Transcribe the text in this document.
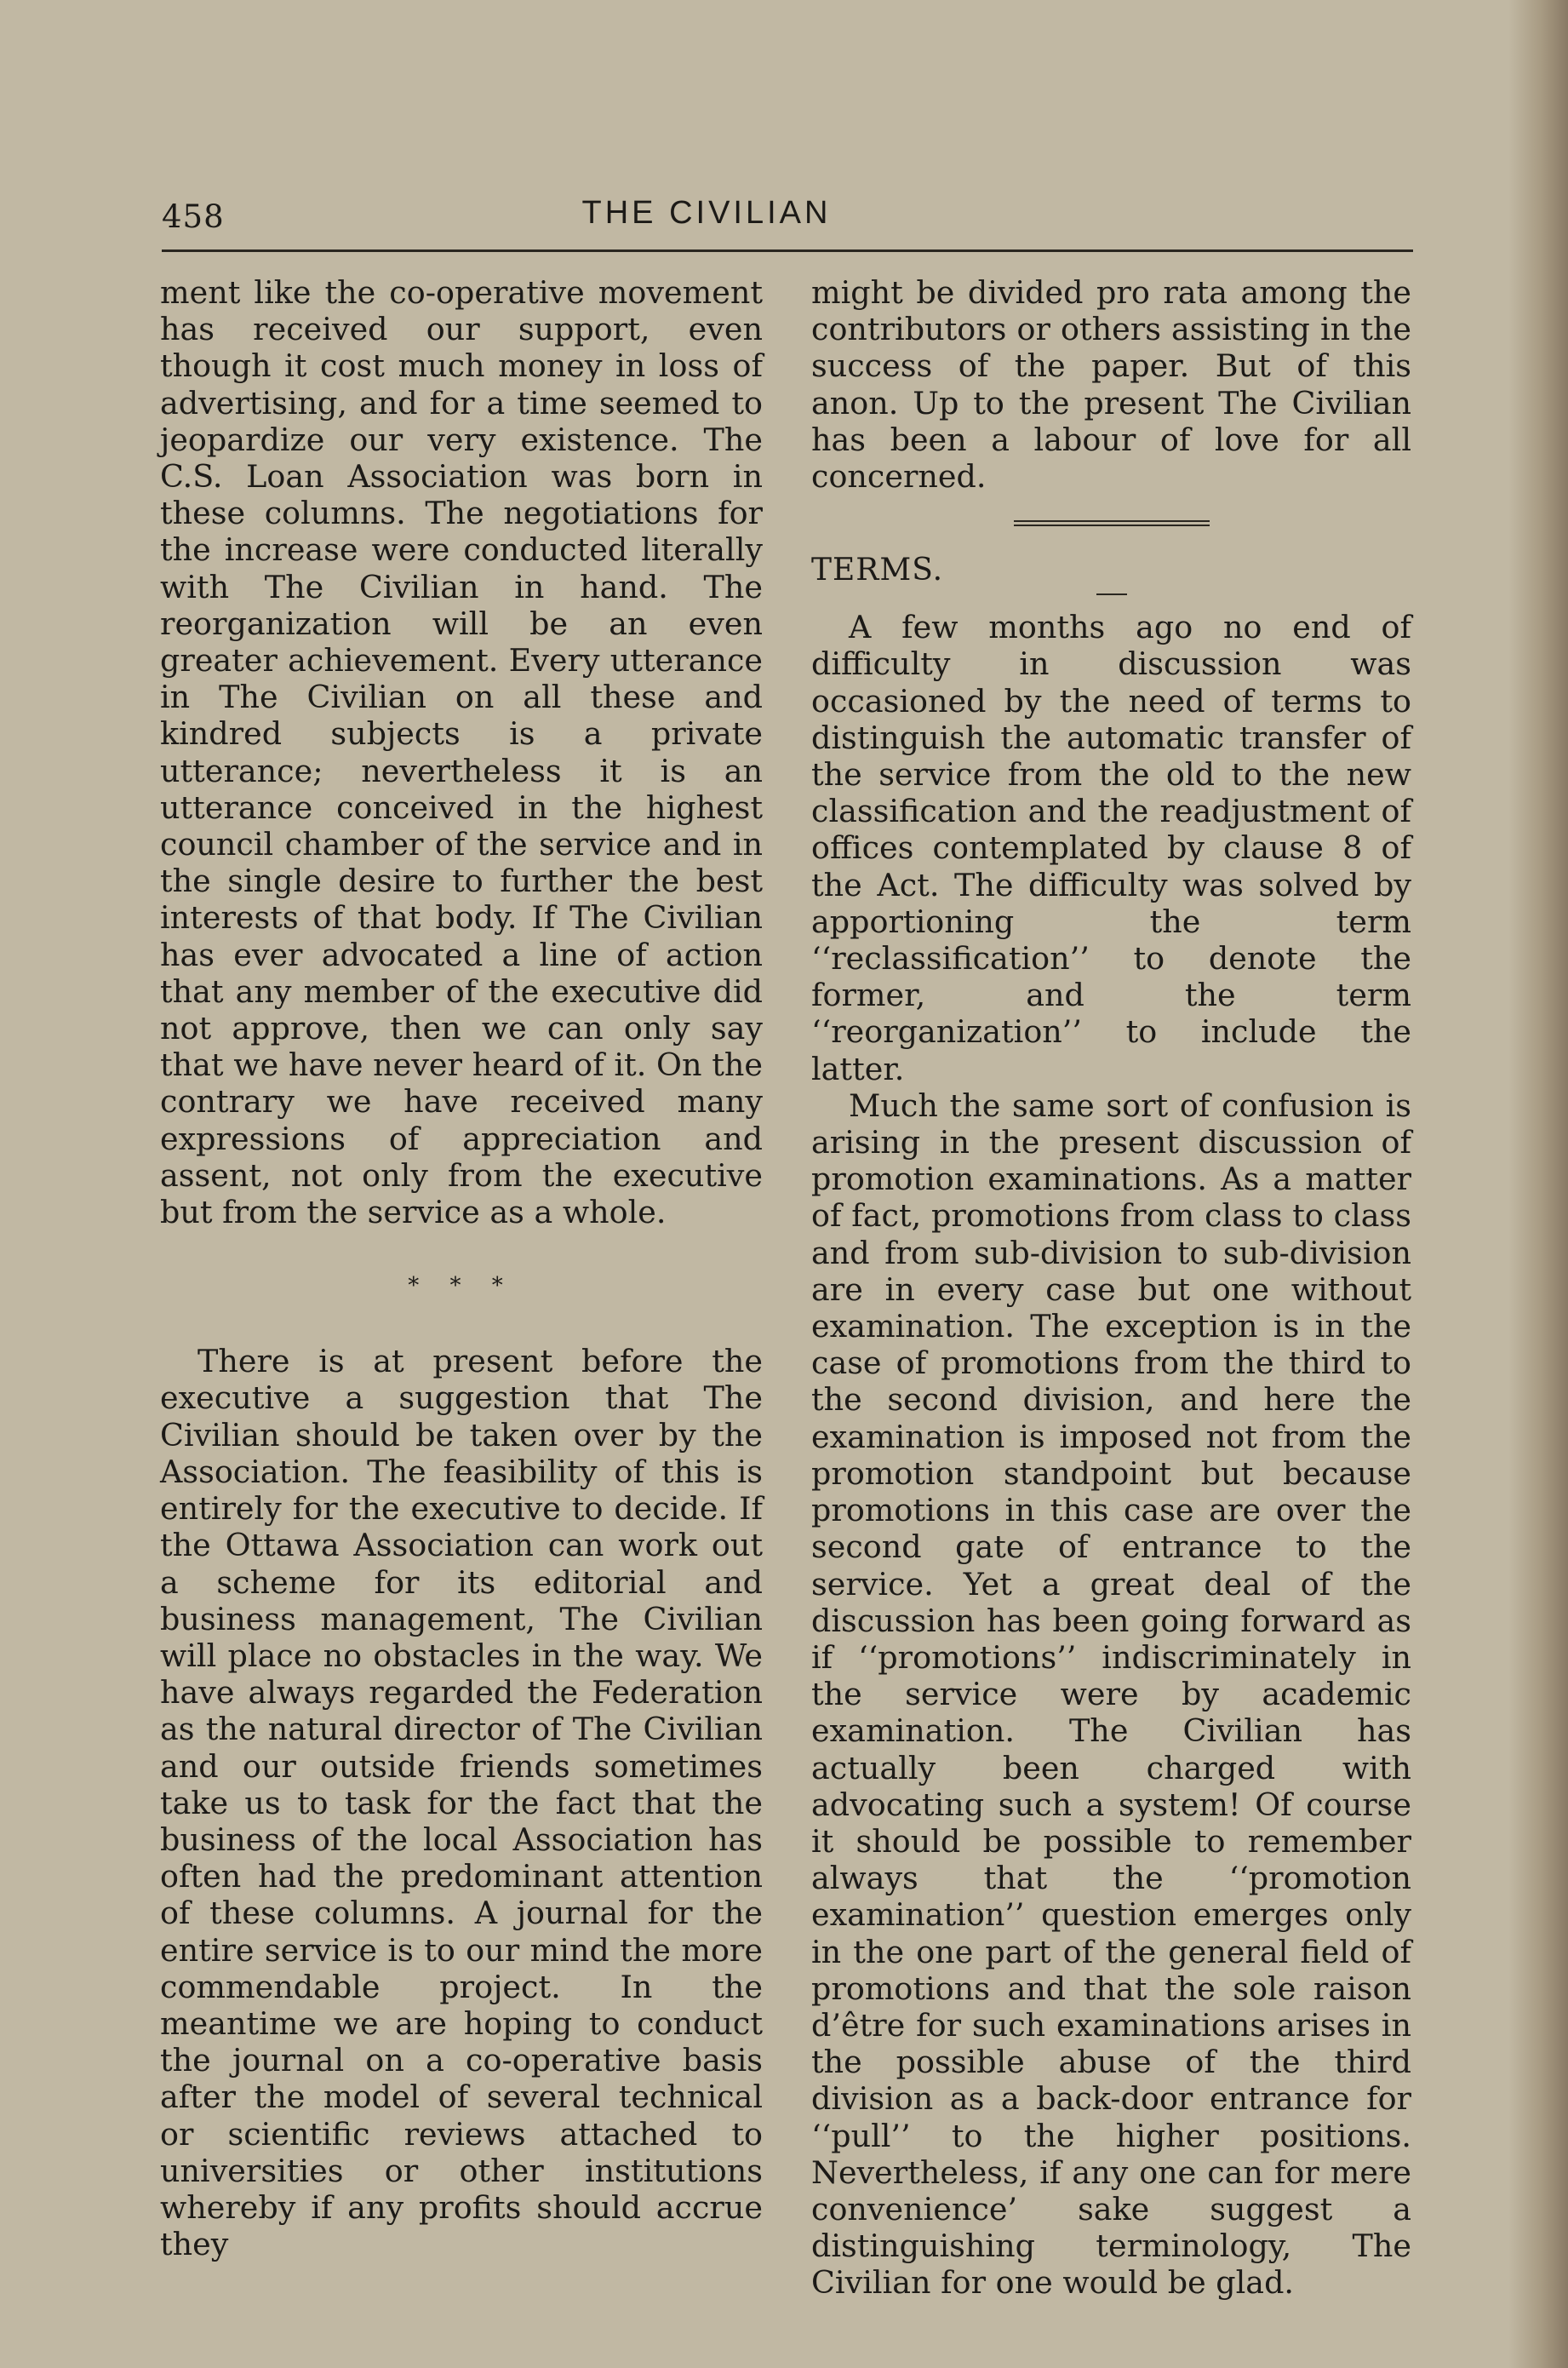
458	THE CIVILIAN

ment like the co-operative movement has received our support, even though it cost much money in loss of advertising, and for a time seemed to jeopardize our very existence. The C.S. Loan Association was born in these columns. The negotiations for the increase were conducted literally with The Civilian in hand. The reorganization will be an even greater achievement. Every utterance in The Civilian on all these and kindred subjects is a private utterance; nevertheless it is an utterance conceived in the highest council chamber of the service and in the single desire to further the best interests of that body. If The Civilian has ever advocated a line of action that any member of the executive did not approve, then we can only say that we have never heard of it. On the contrary we have received many expressions of appreciation and assent, not only from the executive but from the service as a whole.

* * *

There is at present before the executive a suggestion that The Civilian should be taken over by the Association. The feasibility of this is entirely for the executive to decide. If the Ottawa Association can work out a scheme for its editorial and business management, The Civilian will place no obstacles in the way. We have always regarded the Federation as the natural director of The Civilian and our outside friends sometimes take us to task for the fact that the business of the local Association has often had the predominant attention of these columns. A journal for the entire service is to our mind the more commendable project. In the meantime we are hoping to conduct the journal on a co-operative basis after the model of several technical or scientific reviews attached to universities or other institutions whereby if any profits should accrue they

might be divided pro rata among the contributors or others assisting in the success of the paper. But of this anon. Up to the present The Civilian has been a labour of love for all concerned.

TERMS.

A few months ago no end of difficulty in discussion was occasioned by the need of terms to distinguish the automatic transfer of the service from the old to the new classification and the readjustment of offices contemplated by clause 8 of the Act. The difficulty was solved by apportioning the term ‘‘reclassification’’ to denote the former, and the term ‘‘reorganization’’ to include the latter.

Much the same sort of confusion is arising in the present discussion of promotion examinations. As a matter of fact, promotions from class to class and from sub-division to sub-division are in every case but one without examination. The exception is in the case of promotions from the third to the second division, and here the examination is imposed not from the promotion standpoint but because promotions in this case are over the second gate of entrance to the service. Yet a great deal of the discussion has been going forward as if ‘‘promotions’’ indiscriminately in the service were by academic examination. The Civilian has actually been charged with advocating such a system! Of course it should be possible to remember always that the ‘‘promotion examination’’ question emerges only in the one part of the general field of promotions and that the sole raison d’être for such examinations arises in the possible abuse of the third division as a back-door entrance for ‘‘pull’’ to the higher positions. Nevertheless, if any one can for mere convenience’ sake suggest a distinguishing terminology, The Civilian for one would be glad.
